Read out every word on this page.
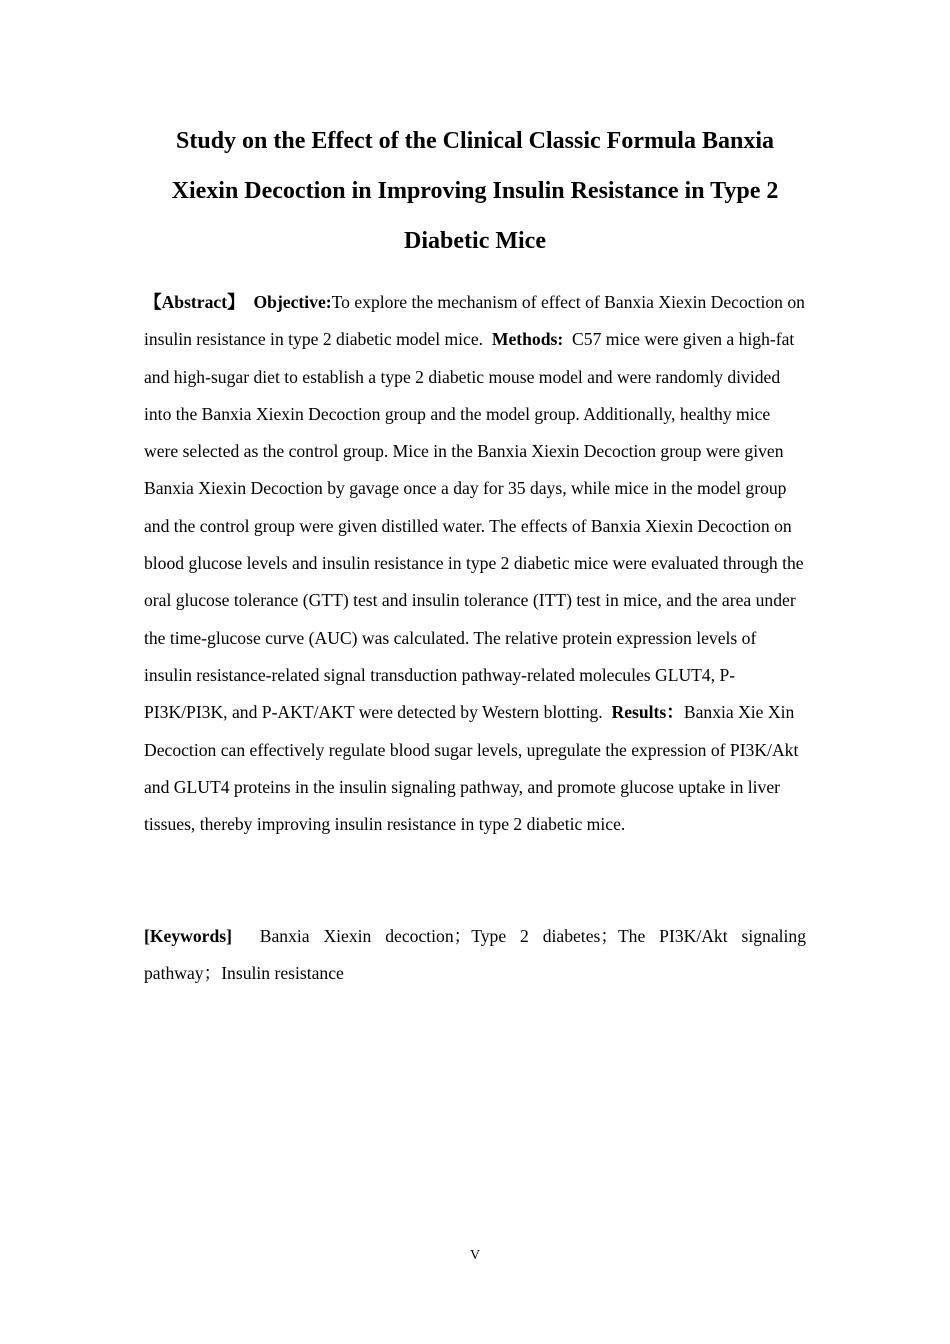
Study on the Effect of the Clinical Classic Formula Banxia Xiexin Decoction in Improving Insulin Resistance in Type 2 Diabetic Mice

【Abstract】 Objective:To explore the mechanism of effect of Banxia Xiexin Decoction on insulin resistance in type 2 diabetic model mice. Methods: C57 mice were given a high-fat and high-sugar diet to establish a type 2 diabetic mouse model and were randomly divided into the Banxia Xiexin Decoction group and the model group. Additionally, healthy mice were selected as the control group. Mice in the Banxia Xiexin Decoction group were given Banxia Xiexin Decoction by gavage once a day for 35 days, while mice in the model group and the control group were given distilled water. The effects of Banxia Xiexin Decoction on blood glucose levels and insulin resistance in type 2 diabetic mice were evaluated through the oral glucose tolerance (GTT) test and insulin tolerance (ITT) test in mice, and the area under the time-glucose curve (AUC) was calculated. The relative protein expression levels of insulin resistance-related signal transduction pathway-related molecules GLUT4, P-PI3K/PI3K, and P-AKT/AKT were detected by Western blotting. Results：Banxia Xie Xin Decoction can effectively regulate blood sugar levels, upregulate the expression of PI3K/Akt and GLUT4 proteins in the insulin signaling pathway, and promote glucose uptake in liver tissues, thereby improving insulin resistance in type 2 diabetic mice.

[Keywords] Banxia Xiexin decoction；Type 2 diabetes；The PI3K/Akt signaling pathway；Insulin resistance

V
